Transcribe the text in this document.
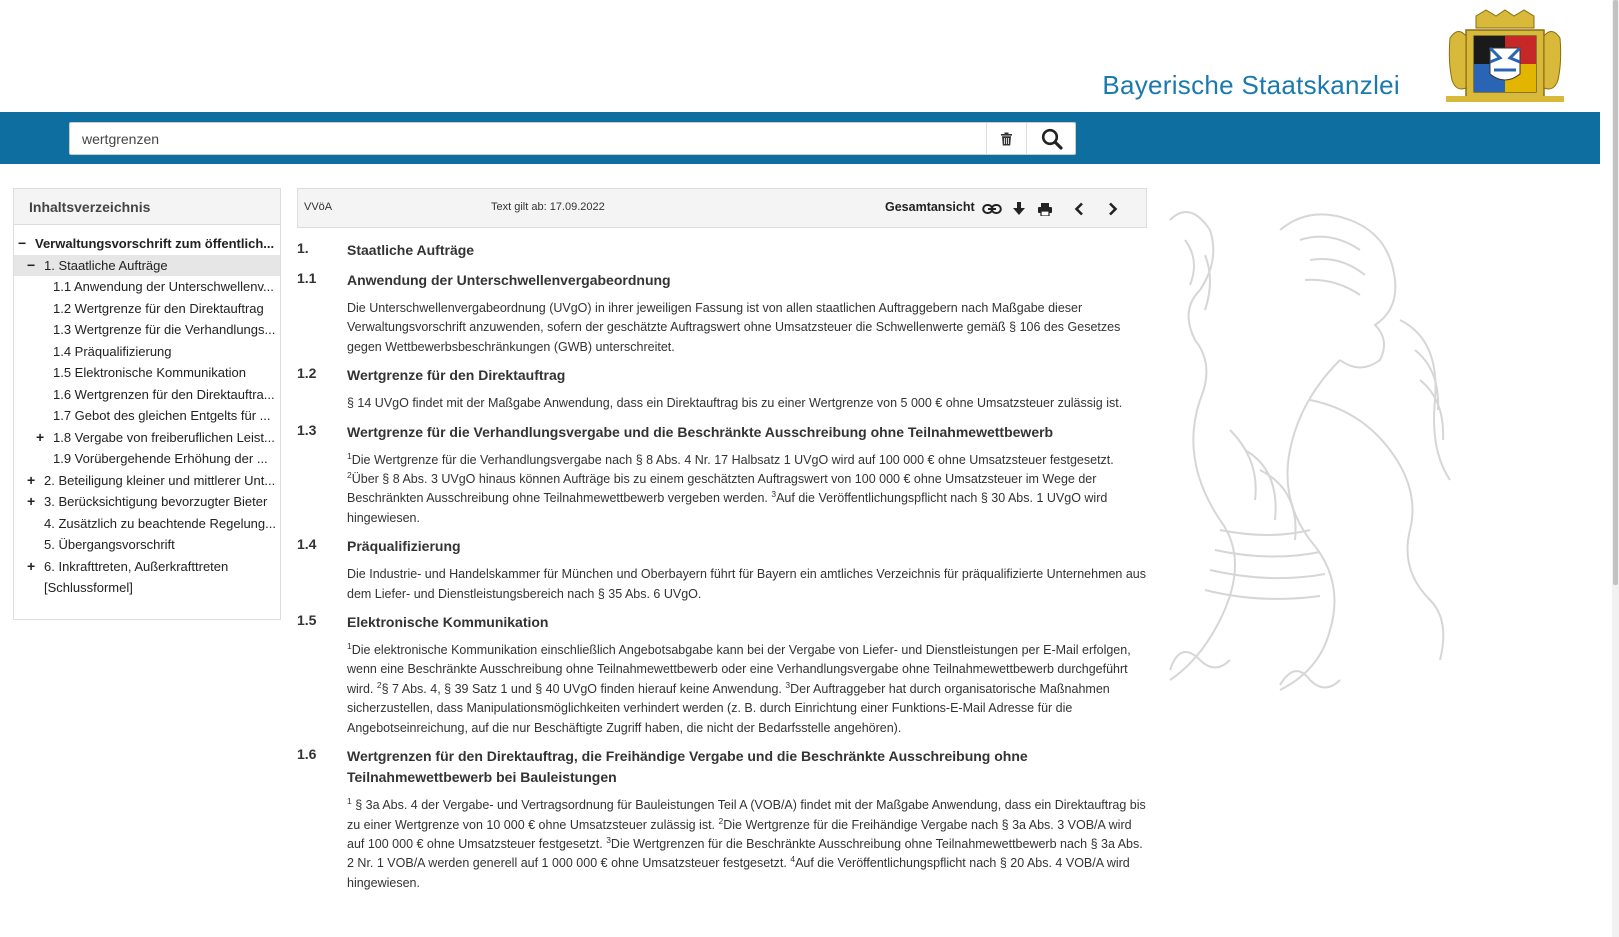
Bayerische Staatskanzlei
wertgrenzen
Inhaltsverzeichnis
− Verwaltungsvorschrift zum öffentlich...
− 1. Staatliche Aufträge
1.1 Anwendung der Unterschwellenv...
1.2 Wertgrenze für den Direktauftrag
1.3 Wertgrenze für die Verhandlungs...
1.4 Präqualifizierung
1.5 Elektronische Kommunikation
1.6 Wertgrenzen für den Direktauftra...
1.7 Gebot des gleichen Entgelts für ...
+ 1.8 Vergabe von freiberuflichen Leist...
1.9 Vorübergehende Erhöhung der ...
+ 2. Beteiligung kleiner und mittlerer Unt...
+ 3. Berücksichtigung bevorzugter Bieter
4. Zusätzlich zu beachtende Regelung...
5. Übergangsvorschrift
+ 6. Inkrafttreten, Außerkrafttreten
[Schlussformel]
VVöA	Text gilt ab: 17.09.2022	Gesamtansicht
1.	Staatliche Aufträge
1.1 Anwendung der Unterschwellenvergabeordnung

Die Unterschwellenvergabeordnung (UVgO) in ihrer jeweiligen Fassung ist von allen staatlichen Auftraggebern nach Maßgabe dieser Verwaltungsvorschrift anzuwenden, sofern der geschätzte Auftragswert ohne Umsatzsteuer die Schwellenwerte gemäß § 106 des Gesetzes gegen Wettbewerbsbeschränkungen (GWB) unterschreitet.

1.2 Wertgrenze für den Direktauftrag

§ 14 UVgO findet mit der Maßgabe Anwendung, dass ein Direktauftrag bis zu einer Wertgrenze von 5 000 € ohne Umsatzsteuer zulässig ist.

1.3 Wertgrenze für die Verhandlungsvergabe und die Beschränkte Ausschreibung ohne Teilnahmewettbewerb

$^1$Die Wertgrenze für die Verhandlungsvergabe nach § 8 Abs. 4 Nr. 17 Halbsatz 1 UVgO wird auf 100 000 € ohne Umsatzsteuer festgesetzt. $^2$Über § 8 Abs. 3 UVgO hinaus können Aufträge bis zu einem geschätzten Auftragswert von 100 000 € ohne Umsatzsteuer im Wege der Beschränkten Ausschreibung ohne Teilnahmewettbewerb vergeben werden. $^3$Auf die Veröffentlichungspflicht nach § 30 Abs. 1 UVgO wird hingewiesen.

1.4 Präqualifizierung

Die Industrie- und Handelskammer für München und Oberbayern führt für Bayern ein amtliches Verzeichnis für präqualifizierte Unternehmen aus dem Liefer- und Dienstleistungsbereich nach § 35 Abs. 6 UVgO.

1.5 Elektronische Kommunikation

$^1$Die elektronische Kommunikation einschließlich Angebotsabgabe kann bei der Vergabe von Liefer- und Dienstleistungen per E-Mail erfolgen, wenn eine Beschränkte Ausschreibung ohne Teilnahmewettbewerb oder eine Verhandlungsvergabe ohne Teilnahmewettbewerb durchgeführt wird. $^2$§ 7 Abs. 4, § 39 Satz 1 und § 40 UVgO finden hierauf keine Anwendung. $^3$Der Auftraggeber hat durch organisatorische Maßnahmen sicherzustellen, dass Manipulationsmöglichkeiten verhindert werden (z. B. durch Einrichtung einer Funktions-E-Mail Adresse für die Angebotseinreichung, auf die nur Beschäftigte Zugriff haben, die nicht der Bedarfsstelle angehören).

1.6 Wertgrenzen für den Direktauftrag, die Freihändige Vergabe und die Beschränkte Ausschreibung ohne Teilnahmewettbewerb bei Bauleistungen

$^1$ § 3a Abs. 4 der Vergabe- und Vertragsordnung für Bauleistungen Teil A (VOB/A) findet mit der Maßgabe Anwendung, dass ein Direktauftrag bis zu einer Wertgrenze von 10 000 € ohne Umsatzsteuer zulässig ist. $^2$Die Wertgrenze für die Freihändige Vergabe nach § 3a Abs. 3 VOB/A wird auf 100 000 € ohne Umsatzsteuer festgesetzt. $^3$Die Wertgrenzen für die Beschränkte Ausschreibung ohne Teilnahmewettbewerb nach § 3a Abs. 2 Nr. 1 VOB/A werden generell auf 1 000 000 € ohne Umsatzsteuer festgesetzt. $^4$Auf die Veröffentlichungspflicht nach § 20 Abs. 4 VOB/A wird hingewiesen.
